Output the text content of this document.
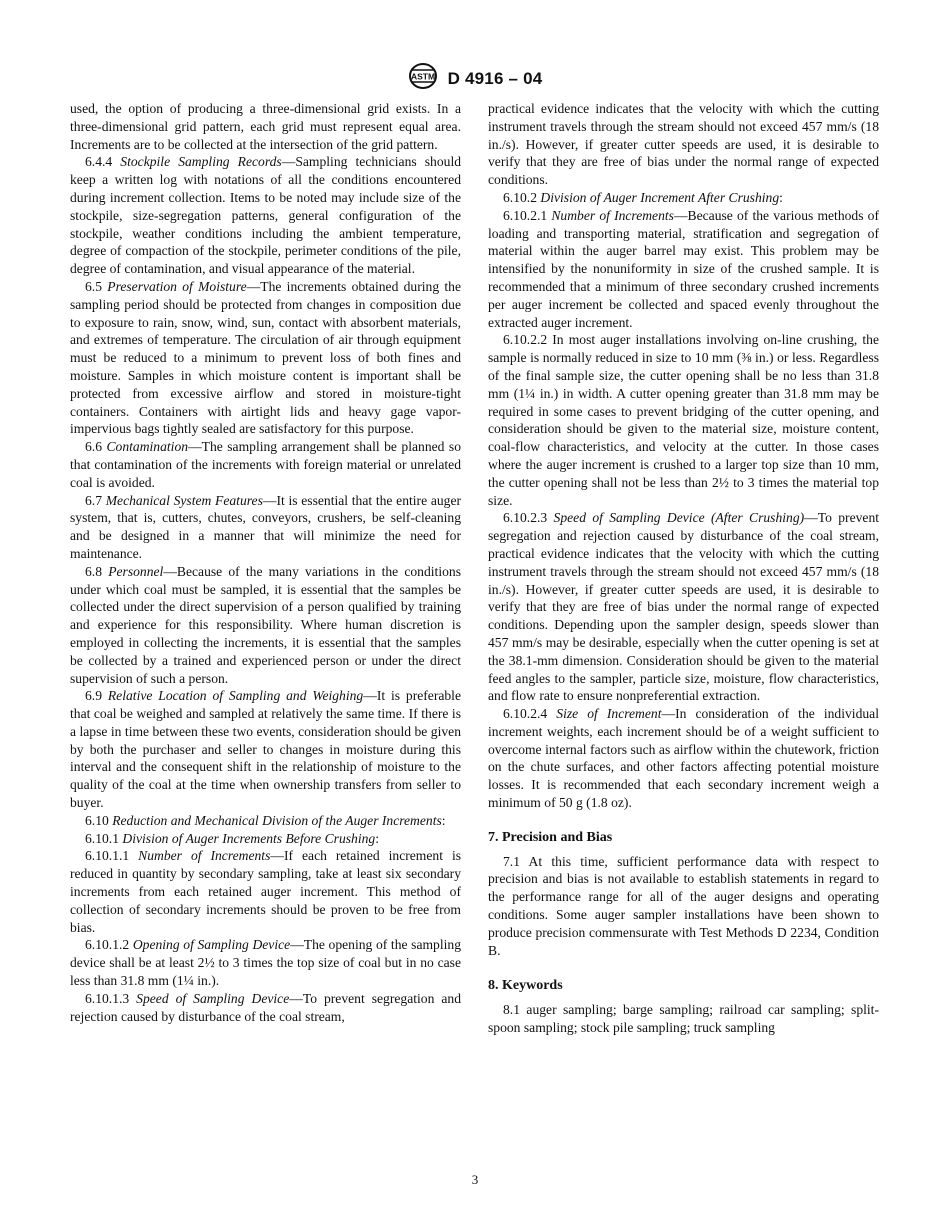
ASTM D 4916 – 04

used, the option of producing a three-dimensional grid exists. In a three-dimensional grid pattern, each grid must represent equal area. Increments are to be collected at the intersection of the grid pattern.

6.4.4 Stockpile Sampling Records—Sampling technicians should keep a written log with notations of all the conditions encountered during increment collection. Items to be noted may include size of the stockpile, size-segregation patterns, general configuration of the stockpile, weather conditions including the ambient temperature, degree of compaction of the stockpile, perimeter conditions of the pile, degree of contamination, and visual appearance of the material.

6.5 Preservation of Moisture—The increments obtained during the sampling period should be protected from changes in composition due to exposure to rain, snow, wind, sun, contact with absorbent materials, and extremes of temperature. The circulation of air through equipment must be reduced to a minimum to prevent loss of both fines and moisture. Samples in which moisture content is important shall be protected from excessive airflow and stored in moisture-tight containers. Containers with airtight lids and heavy gage vapor-impervious bags tightly sealed are satisfactory for this purpose.

6.6 Contamination—The sampling arrangement shall be planned so that contamination of the increments with foreign material or unrelated coal is avoided.

6.7 Mechanical System Features—It is essential that the entire auger system, that is, cutters, chutes, conveyors, crushers, be self-cleaning and be designed in a manner that will minimize the need for maintenance.

6.8 Personnel—Because of the many variations in the conditions under which coal must be sampled, it is essential that the samples be collected under the direct supervision of a person qualified by training and experience for this responsibility. Where human discretion is employed in collecting the increments, it is essential that the samples be collected by a trained and experienced person or under the direct supervision of such a person.

6.9 Relative Location of Sampling and Weighing—It is preferable that coal be weighed and sampled at relatively the same time. If there is a lapse in time between these two events, consideration should be given by both the purchaser and seller to changes in moisture during this interval and the consequent shift in the relationship of moisture to the quality of the coal at the time when ownership transfers from seller to buyer.

6.10 Reduction and Mechanical Division of the Auger Increments:

6.10.1 Division of Auger Increments Before Crushing:

6.10.1.1 Number of Increments—If each retained increment is reduced in quantity by secondary sampling, take at least six secondary increments from each retained auger increment. This method of collection of secondary increments should be proven to be free from bias.

6.10.1.2 Opening of Sampling Device—The opening of the sampling device shall be at least 2½ to 3 times the top size of coal but in no case less than 31.8 mm (1¼ in.).

6.10.1.3 Speed of Sampling Device—To prevent segregation and rejection caused by disturbance of the coal stream,

practical evidence indicates that the velocity with which the cutting instrument travels through the stream should not exceed 457 mm/s (18 in./s). However, if greater cutter speeds are used, it is desirable to verify that they are free of bias under the normal range of expected conditions.

6.10.2 Division of Auger Increment After Crushing:

6.10.2.1 Number of Increments—Because of the various methods of loading and transporting material, stratification and segregation of material within the auger barrel may exist. This problem may be intensified by the nonuniformity in size of the crushed sample. It is recommended that a minimum of three secondary crushed increments per auger increment be collected and spaced evenly throughout the extracted auger increment.

6.10.2.2 In most auger installations involving on-line crushing, the sample is normally reduced in size to 10 mm (⅜ in.) or less. Regardless of the final sample size, the cutter opening shall be no less than 31.8 mm (1¼ in.) in width. A cutter opening greater than 31.8 mm may be required in some cases to prevent bridging of the cutter opening, and consideration should be given to the material size, moisture content, coal-flow characteristics, and velocity at the cutter. In those cases where the auger increment is crushed to a larger top size than 10 mm, the cutter opening shall not be less than 2½ to 3 times the material top size.

6.10.2.3 Speed of Sampling Device (After Crushing)—To prevent segregation and rejection caused by disturbance of the coal stream, practical evidence indicates that the velocity with which the cutting instrument travels through the stream should not exceed 457 mm/s (18 in./s). However, if greater cutter speeds are used, it is desirable to verify that they are free of bias under the normal range of expected conditions. Depending upon the sampler design, speeds slower than 457 mm/s may be desirable, especially when the cutter opening is set at the 38.1-mm dimension. Consideration should be given to the material feed angles to the sampler, particle size, moisture, flow characteristics, and flow rate to ensure nonpreferential extraction.

6.10.2.4 Size of Increment—In consideration of the individual increment weights, each increment should be of a weight sufficient to overcome internal factors such as airflow within the chutework, friction on the chute surfaces, and other factors affecting potential moisture losses. It is recommended that each secondary increment weigh a minimum of 50 g (1.8 oz).

7. Precision and Bias

7.1 At this time, sufficient performance data with respect to precision and bias is not available to establish statements in regard to the performance range for all of the auger designs and operating conditions. Some auger sampler installations have been shown to produce precision commensurate with Test Methods D 2234, Condition B.

8. Keywords

8.1 auger sampling; barge sampling; railroad car sampling; split-spoon sampling; stock pile sampling; truck sampling

3
